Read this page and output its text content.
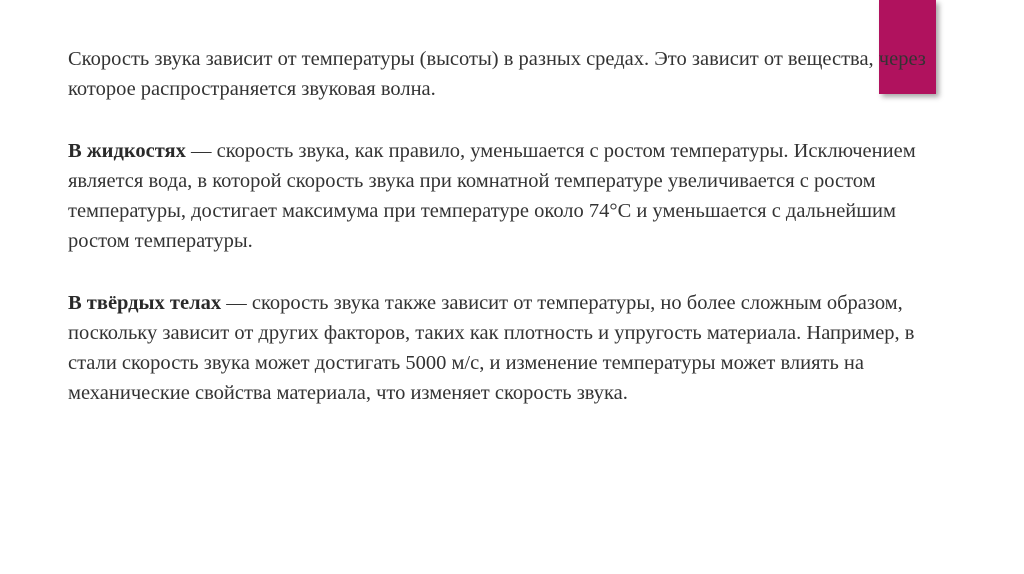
Скорость звука зависит от температуры (высоты) в разных средах. Это зависит от вещества, через которое распространяется звуковая волна.

В жидкостях — скорость звука, как правило, уменьшается с ростом температуры. Исключением является вода, в которой скорость звука при комнатной температуре увеличивается с ростом температуры, достигает максимума при температуре около 74°C и уменьшается с дальнейшим ростом температуры.

В твёрдых телах — скорость звука также зависит от температуры, но более сложным образом, поскольку зависит от других факторов, таких как плотность и упругость материала. Например, в стали скорость звука может достигать 5000 м/с, и изменение температуры может влиять на механические свойства материала, что изменяет скорость звука.
